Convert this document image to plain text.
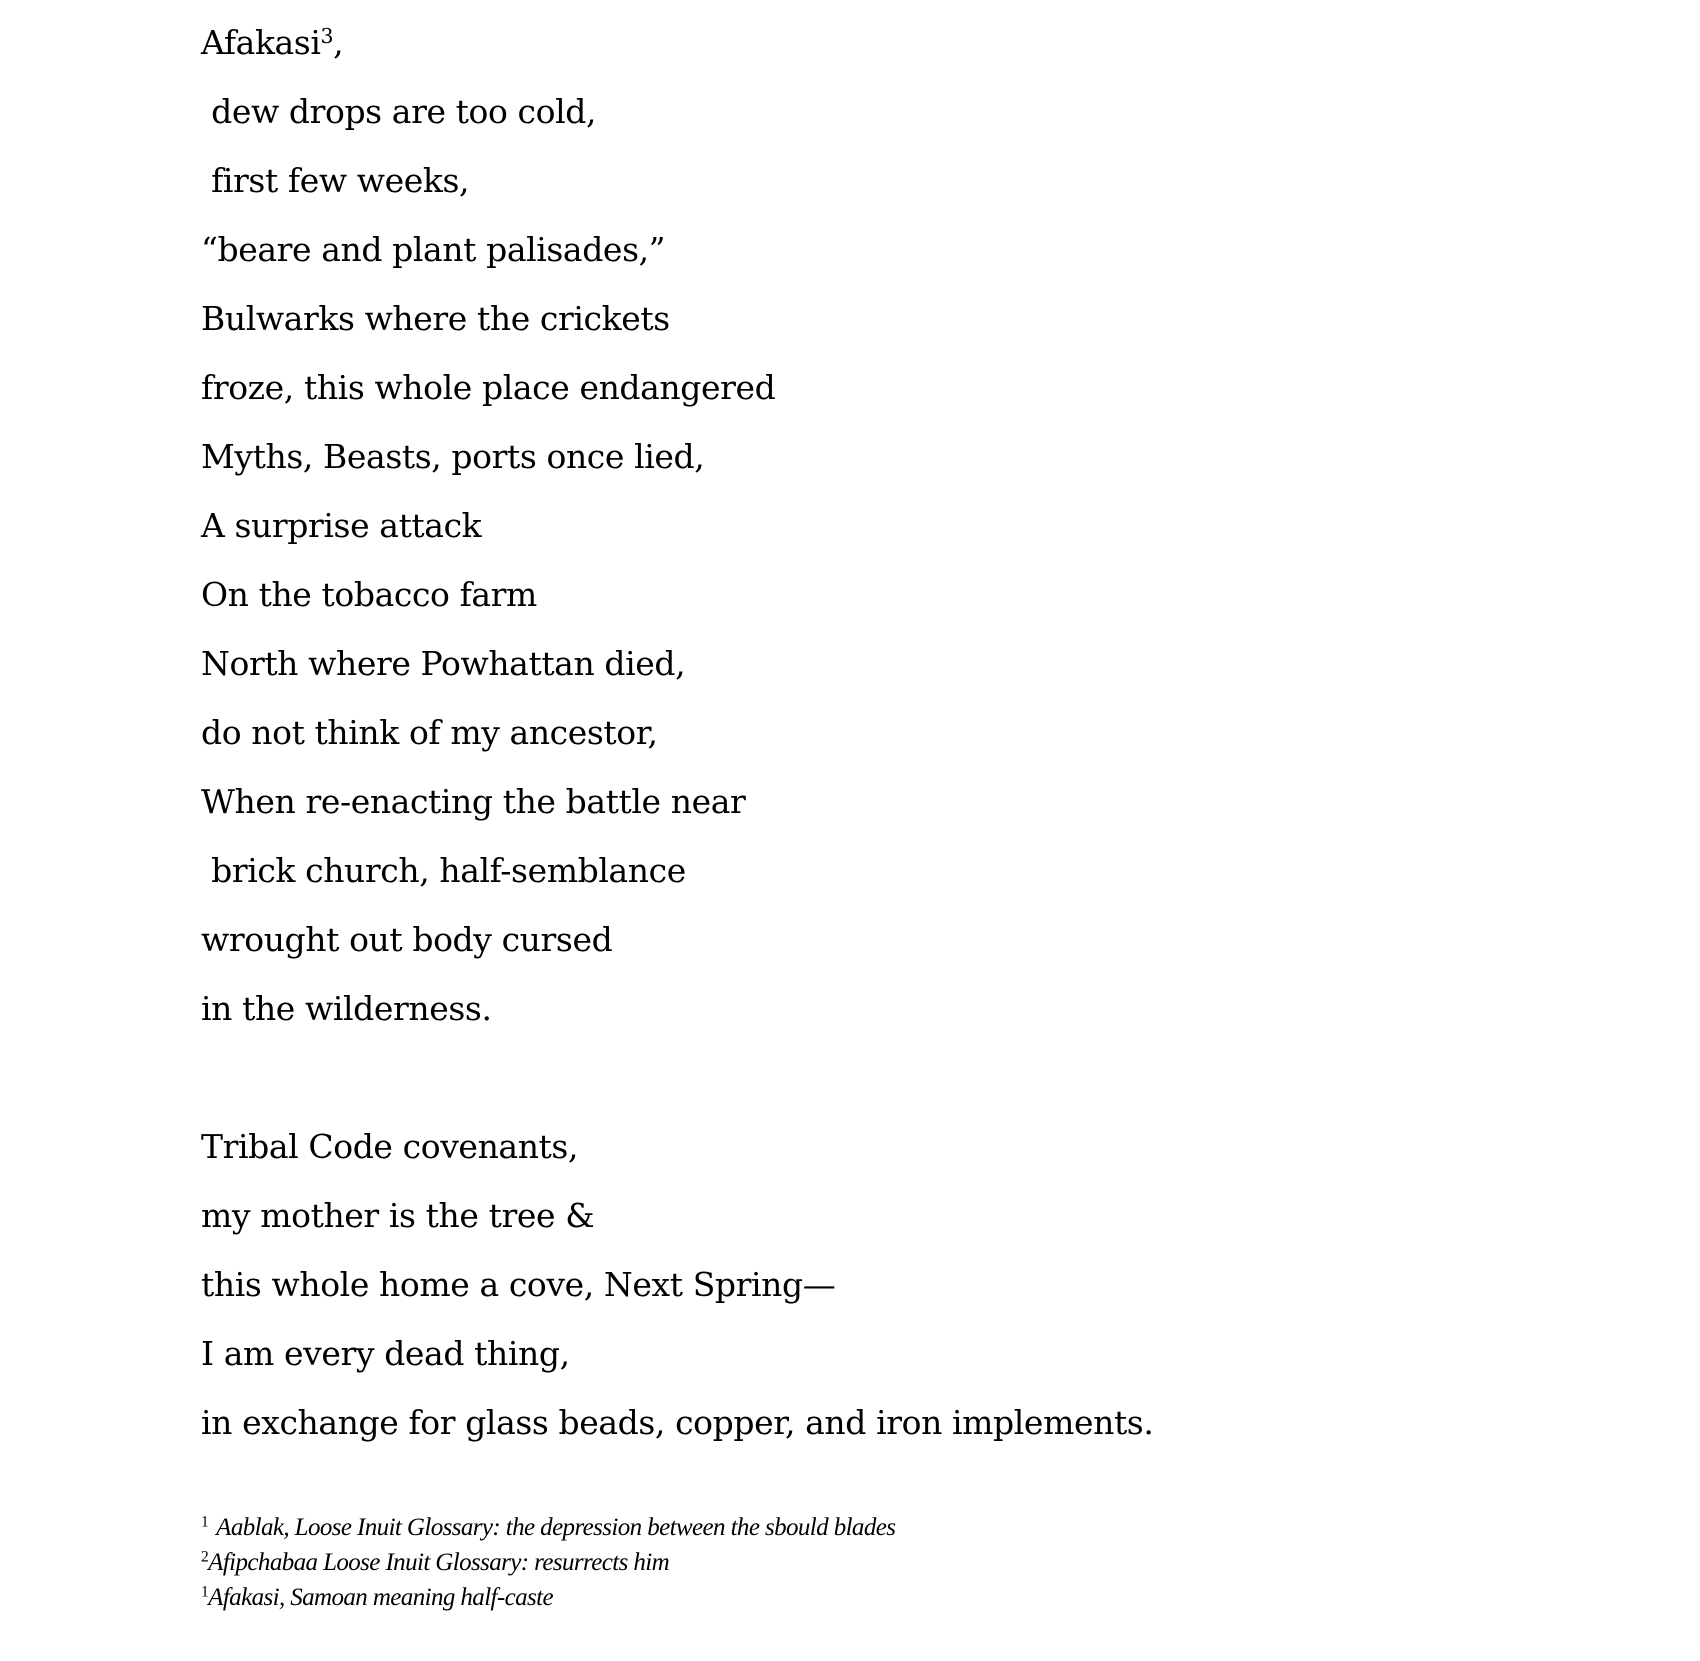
Afakasi$^3$,
dew drops are too cold,
first few weeks,
“beare and plant palisades,”
Bulwarks where the crickets
froze, this whole place endangered
Myths, Beasts, ports once lied,
A surprise attack
On the tobacco farm
North where Powhattan died,
do not think of my ancestor,
When re-enacting the battle near
brick church, half-semblance
wrought out body cursed
in the wilderness.
Tribal Code covenants,
my mother is the tree &
this whole home a cove, Next Spring—
I am every dead thing,
in exchange for glass beads, copper, and iron implements.
$^1$ Aablak, Loose Inuit Glossary: the depression between the sbould blades
$^2$Afipchabaa Loose Inuit Glossary: resurrects him
$^1$Afakasi, Samoan meaning half-caste
